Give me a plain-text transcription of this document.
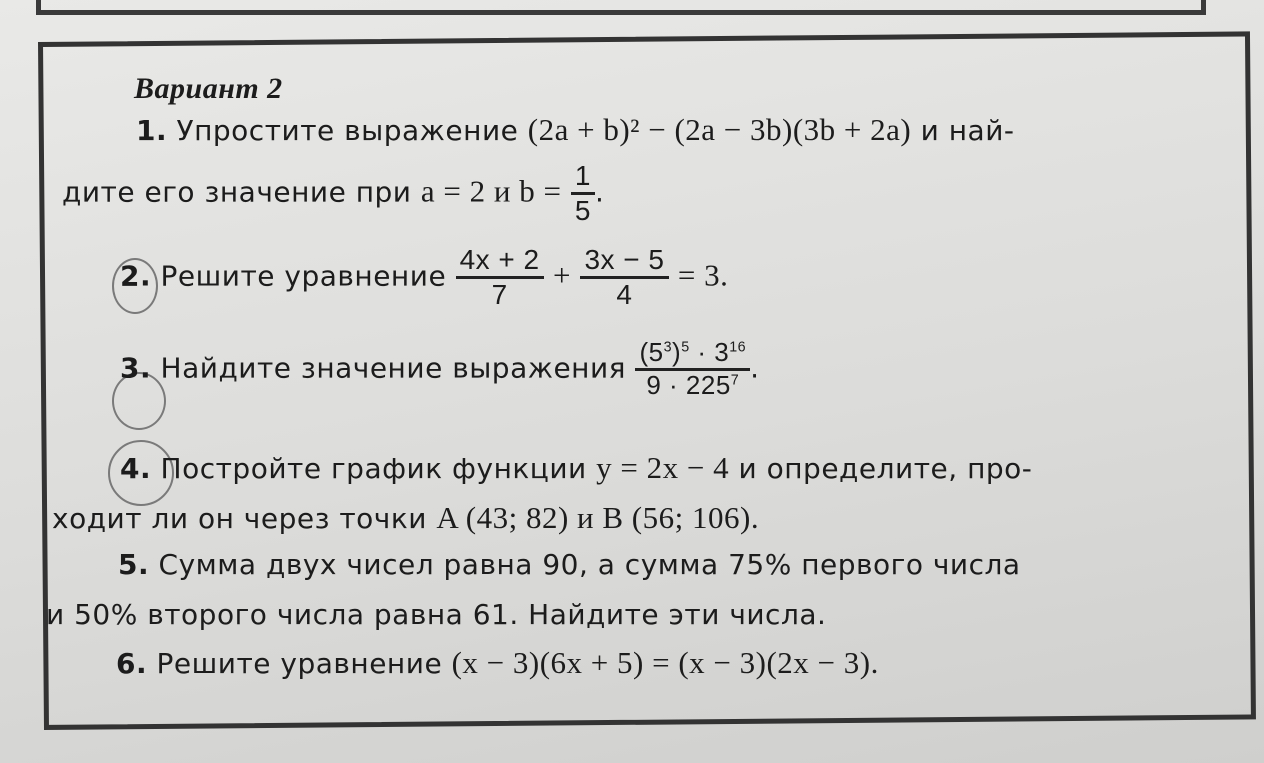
Вариант 2
1. Упростите выражение (2a + b)² − (2a − 3b)(3b + 2a) и най-
дите его значение при a = 2 и $b = \frac{1}{5}$ .
2. Решите уравнение $\frac{4x + 2}{7} + \frac{3x - 5}{4} = 3$.
3. Найдите значение выражения $\frac{(5^3)^5 \cdot 3^{16}}{9 \cdot 225^7}$ .
4. Постройте график функции y = 2x − 4 и определите, про-
ходит ли он через точки A (43; 82) и B (56; 106).
5. Сумма двух чисел равна 90, а сумма 75% первого числа
и 50% второго числа равна 61. Найдите эти числа.
6. Решите уравнение (x − 3)(6x + 5) = (x − 3)(2x − 3).
